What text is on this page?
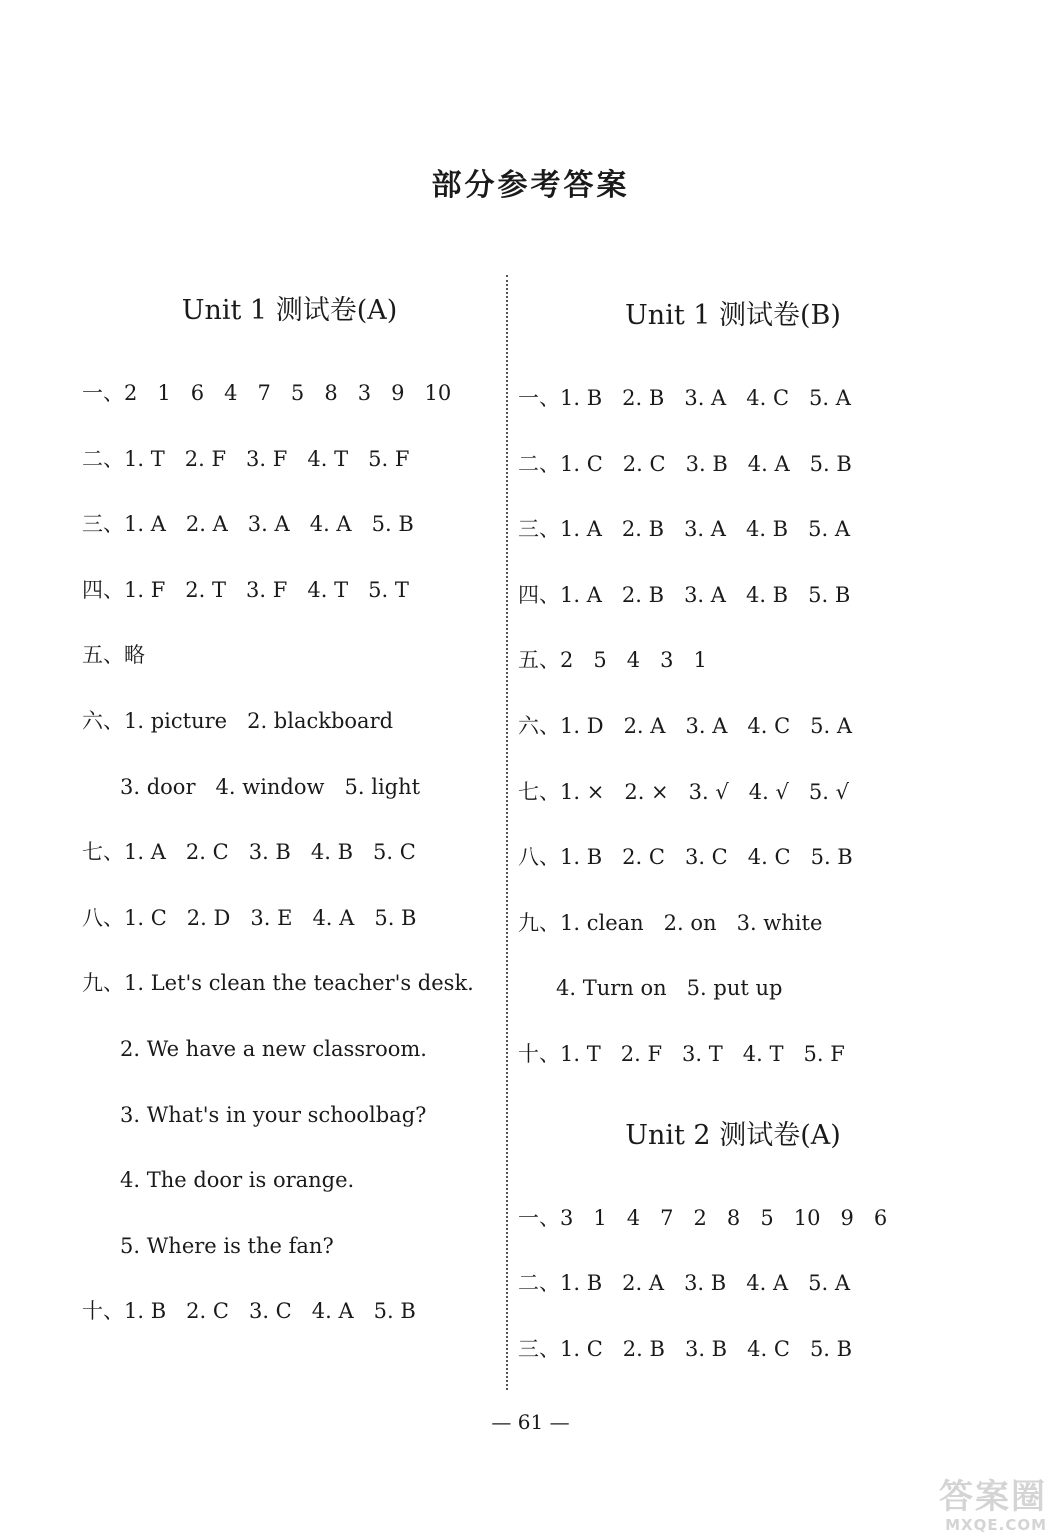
部分参考答案
Unit 1 测试卷(A)
一、2   1   6   4   7   5   8   3   9   10
二、1. T   2. F   3. F   4. T   5. F
三、1. A   2. A   3. A   4. A   5. B
四、1. F   2. T   3. F   4. T   5. T
五、略
六、1. picture   2. blackboard
3. door   4. window   5. light
七、1. A   2. C   3. B   4. B   5. C
八、1. C   2. D   3. E   4. A   5. B
九、1. Let's clean the teacher's desk.
2. We have a new classroom.
3. What's in your schoolbag?
4. The door is orange.
5. Where is the fan?
十、1. B   2. C   3. C   4. A   5. B
Unit 1 测试卷(B)
一、1. B   2. B   3. A   4. C   5. A
二、1. C   2. C   3. B   4. A   5. B
三、1. A   2. B   3. A   4. B   5. A
四、1. A   2. B   3. A   4. B   5. B
五、2   5   4   3   1
六、1. D   2. A   3. A   4. C   5. A
七、1. ×   2. ×   3. √   4. √   5. √
八、1. B   2. C   3. C   4. C   5. B
九、1. clean   2. on   3. white
4. Turn on   5. put up
十、1. T   2. F   3. T   4. T   5. F
Unit 2 测试卷(A)
一、3   1   4   7   2   8   5   10   9   6
二、1. B   2. A   3. B   4. A   5. A
三、1. C   2. B   3. B   4. C   5. B
— 61 —
答案圈
MXQE.COM
